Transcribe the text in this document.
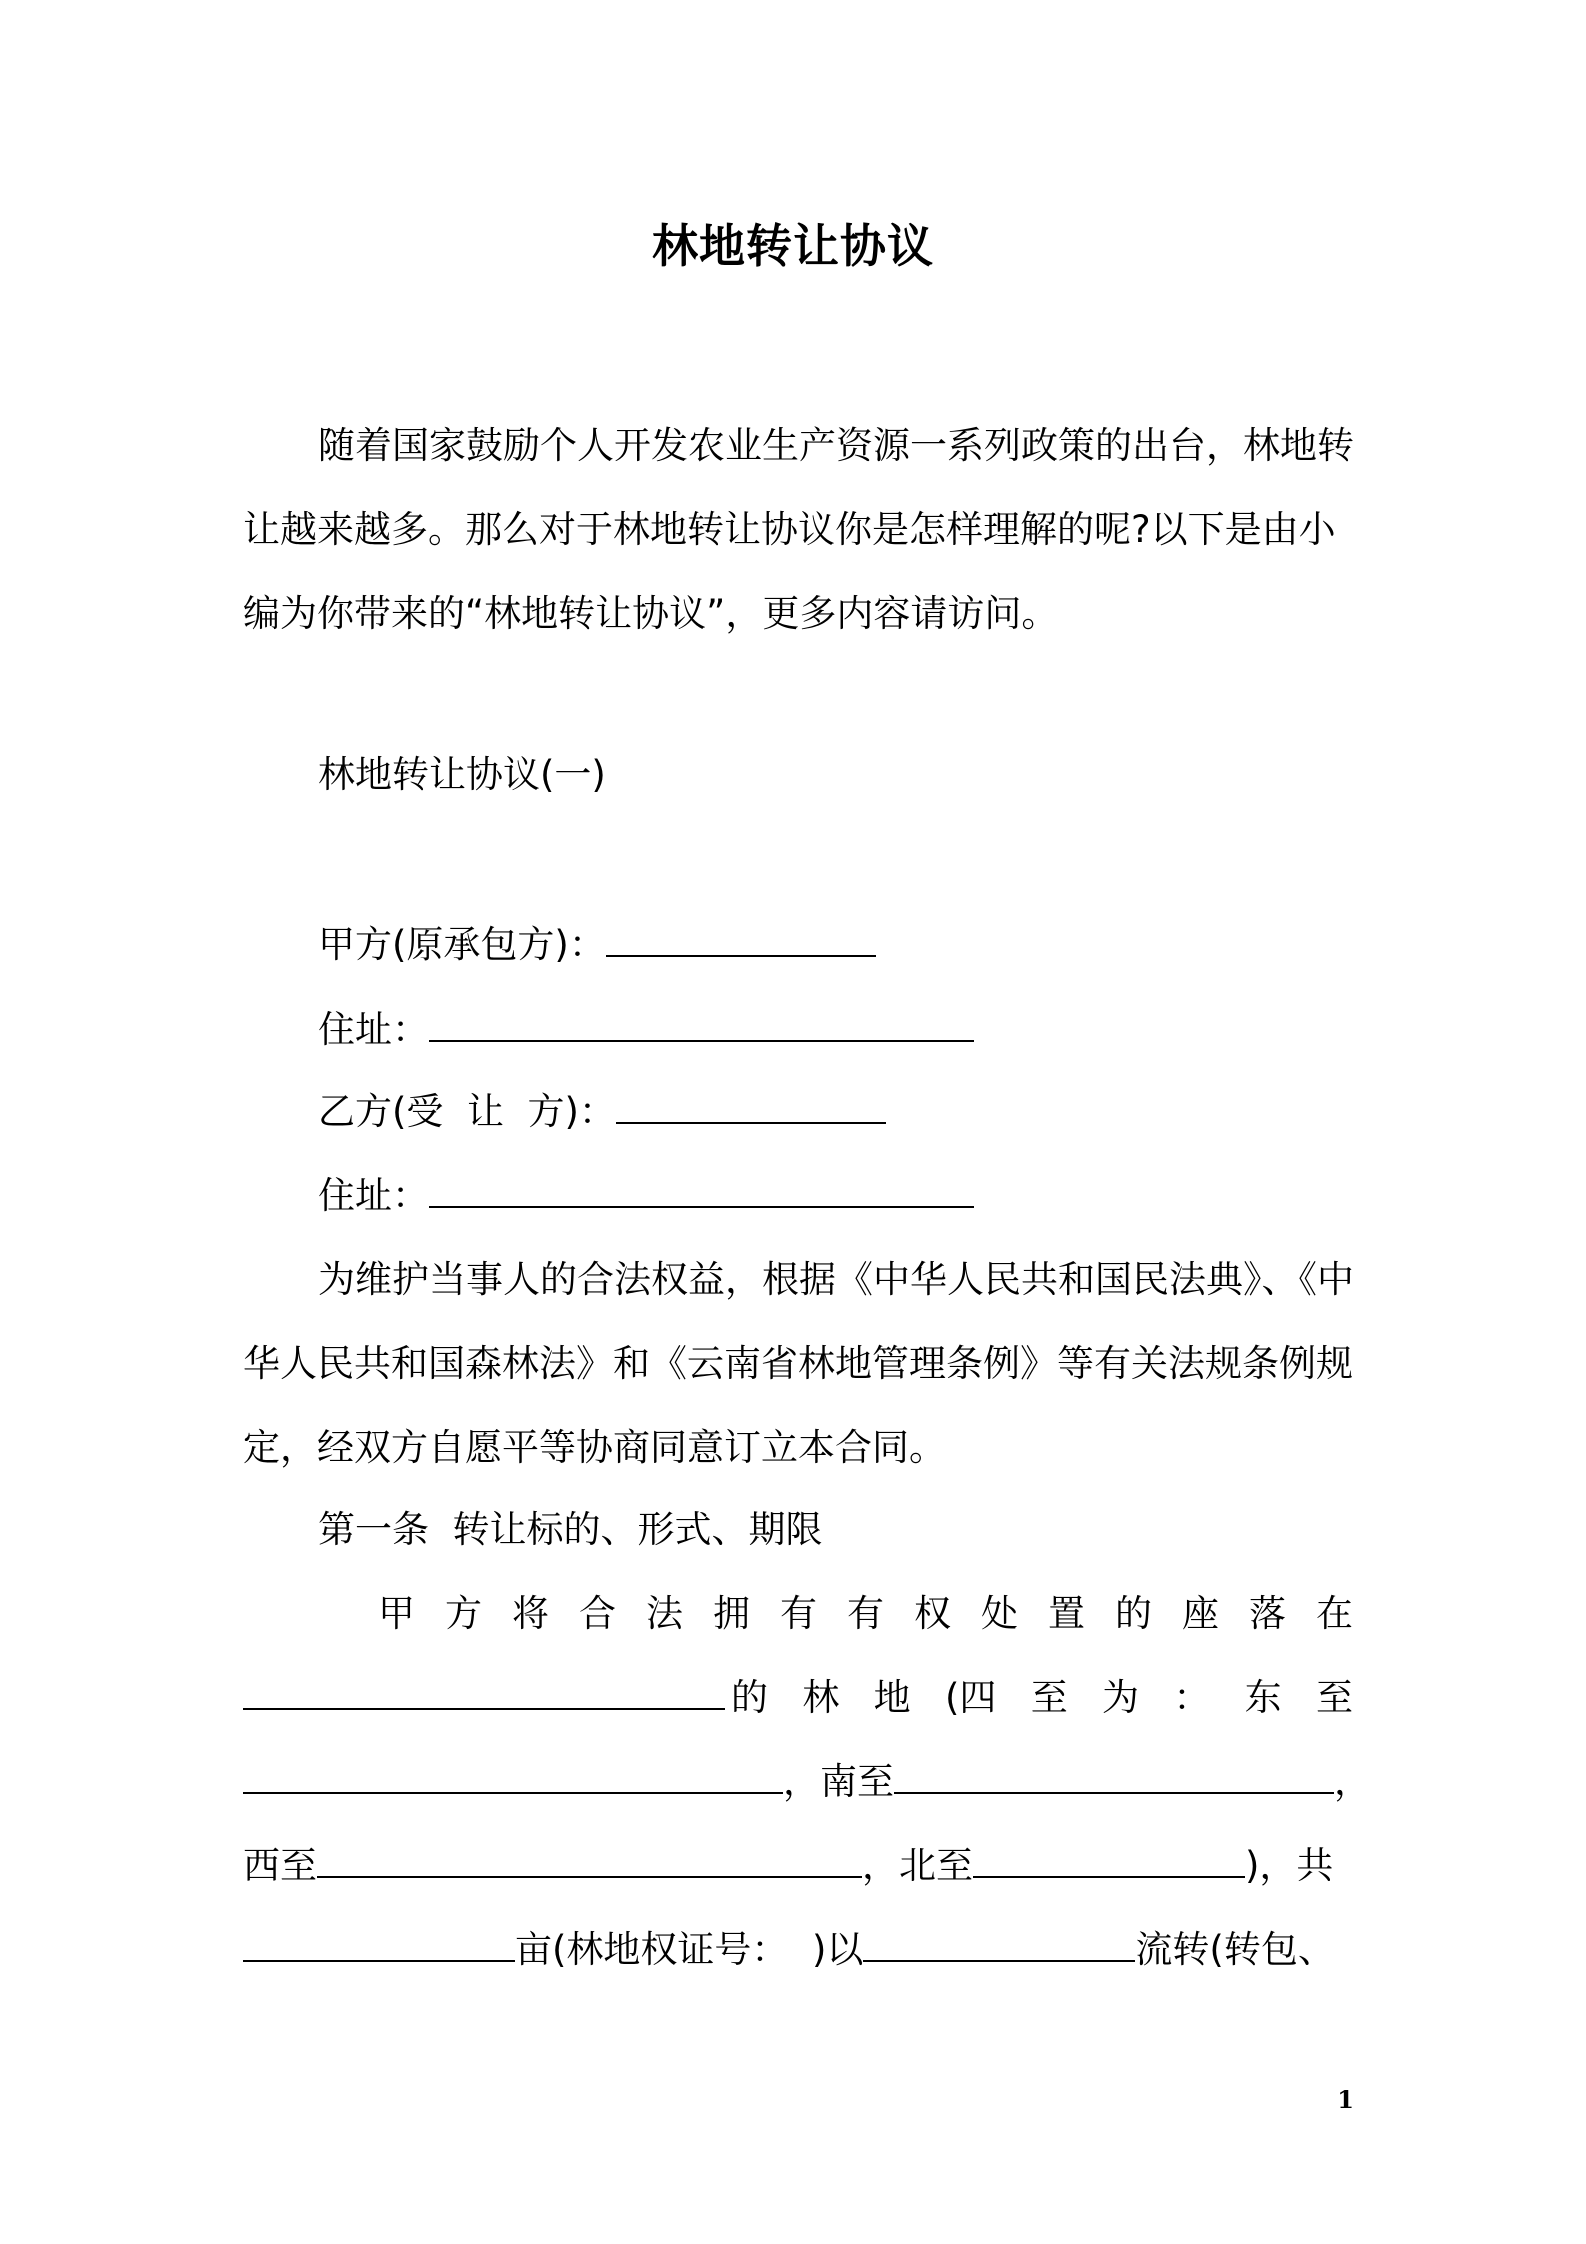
林地转让协议
随着国家鼓励个人开发农业生产资源一系列政策的出台，林地转
让越来越多。那么对于林地转让协议你是怎样理解的呢?以下是由小
编为你带来的“林地转让协议”，更多内容请访问。
林地转让协议(一)
甲方(原承包方)：
住址：
乙方(受  让  方)：
住址：
为维护当事人的合法权益，根据《中华人民共和国民法典》、《中
华人民共和国森林法》和《云南省林地管理条例》等有关法规条例规
定，经双方自愿平等协商同意订立本合同。
第一条  转让标的、形式、期限
甲 方 将 合 法 拥 有 有 权 处 置 的 座 落 在
的 林 地 (四 至 为 ： 东 至
，南至	，
西至	，北至	)，共
亩(林地权证号：  )以	流转(转包、
1
